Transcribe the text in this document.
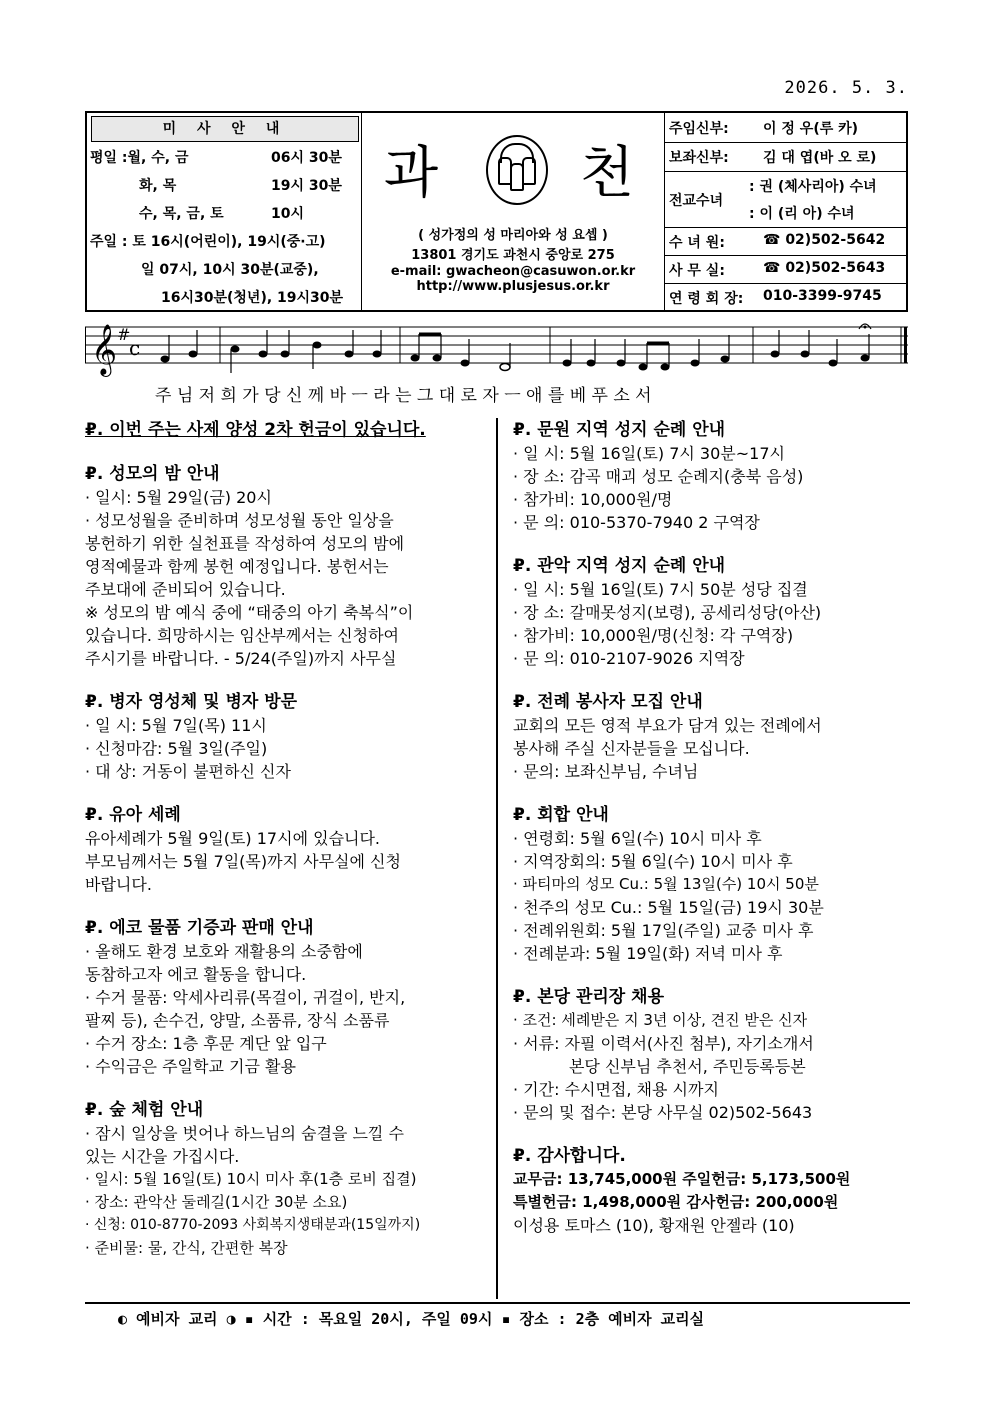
2026. 5. 3.
미 사 안 내
평일 :월, 수, 금	06시 30분
화, 목	19시 30분
수, 목, 금, 토	10시
주일 : 토 16시(어린이), 19시(중·고)
일 07시, 10시 30분(교중),
16시30분(청년), 19시30분
과	천
( 성가정의 성 마리아와 성 요셉 )
13801 경기도 과천시 중앙로 275
e-mail: gwacheon@casuwon.or.kr
http://www.plusjesus.or.kr
주임신부: 이 정 우(루 카)
보좌신부: 김 대 엽(바 오 로)
전교수녀
: 권 (체사리아) 수녀
: 이 (리 아) 수녀
수 녀 원:	☎ 02)502-5642
사 무 실:	☎ 02)502-5643
연 령 회 장: 010-3399-9745
𝄞 #
c
주 님 저 희 가 당 신 께 바 ㅡ 라 는 그 대 로 자 ㅡ 애 를 베 푸 소 서

₽. 이번 주는 사제 양성 2차 헌금이 있습니다.

₽. 성모의 밤 안내

· 일시: 5월 29일(금) 20시

· 성모성월을 준비하며 성모성월 동안 일상을

봉헌하기 위한 실천표를 작성하여 성모의 밤에

영적예물과 함께 봉헌 예정입니다. 봉헌서는

주보대에 준비되어 있습니다.

※ 성모의 밤 예식 중에 “태중의 아기 축복식”이

있습니다. 희망하시는 임산부께서는 신청하여

주시기를 바랍니다. - 5/24(주일)까지 사무실

₽. 병자 영성체 및 병자 방문

· 일 시: 5월 7일(목) 11시

· 신청마감: 5월 3일(주일)

· 대 상: 거동이 불편하신 신자

₽. 유아 세례

유아세례가 5월 9일(토) 17시에 있습니다.

부모님께서는 5월 7일(목)까지 사무실에 신청

바랍니다.

₽. 에코 물품 기증과 판매 안내

· 올해도 환경 보호와 재활용의 소중함에

동참하고자 에코 활동을 합니다.

· 수거 물품: 악세사리류(목걸이, 귀걸이, 반지,

팔찌 등), 손수건, 양말, 소품류, 장식 소품류

· 수거 장소: 1층 후문 계단 앞 입구

· 수익금은 주일학교 기금 활용

₽. 숲 체험 안내

· 잠시 일상을 벗어나 하느님의 숨결을 느낄 수

있는 시간을 가집시다.

· 일시: 5월 16일(토) 10시 미사 후(1층 로비 집결)

· 장소: 관악산 둘레길(1시간 30분 소요)

· 신청: 010-8770-2093 사회복지생태분과(15일까지)

· 준비물: 물, 간식, 간편한 복장

₽. 문원 지역 성지 순례 안내

· 일 시: 5월 16일(토) 7시 30분~17시

· 장 소: 감곡 매괴 성모 순례지(충북 음성)

· 참가비: 10,000원/명

· 문 의: 010-5370-7940 2 구역장

₽. 관악 지역 성지 순례 안내

· 일 시: 5월 16일(토) 7시 50분 성당 집결

· 장 소: 갈매못성지(보령), 공세리성당(아산)

· 참가비: 10,000원/명(신청: 각 구역장)

· 문 의: 010-2107-9026 지역장

₽. 전례 봉사자 모집 안내

교회의 모든 영적 부요가 담겨 있는 전례에서

봉사해 주실 신자분들을 모십니다.

· 문의: 보좌신부님, 수녀님

₽. 회합 안내

· 연령회: 5월 6일(수) 10시 미사 후

· 지역장회의: 5월 6일(수) 10시 미사 후

· 파티마의 성모 Cu.: 5월 13일(수) 10시 50분

· 천주의 성모 Cu.: 5월 15일(금) 19시 30분

· 전례위원회: 5월 17일(주일) 교중 미사 후

· 전례분과: 5월 19일(화) 저녁 미사 후

₽. 본당 관리장 채용

· 조건: 세례받은 지 3년 이상, 견진 받은 신자

· 서류: 자필 이력서(사진 첨부), 자기소개서

본당 신부님 추천서, 주민등록등본

· 기간: 수시면접, 채용 시까지

· 문의 및 접수: 본당 사무실 02)502-5643

₽. 감사합니다.

교무금: 13,745,000원 주일헌금: 5,173,500원

특별헌금: 1,498,000원 감사헌금: 200,000원

이성용 토마스 (10), 황재원 안젤라 (10)

◐ 예비자 교리 ◑ ▪ 시간 : 목요일 20시, 주일 09시 ▪ 장소 : 2층 예비자 교리실
